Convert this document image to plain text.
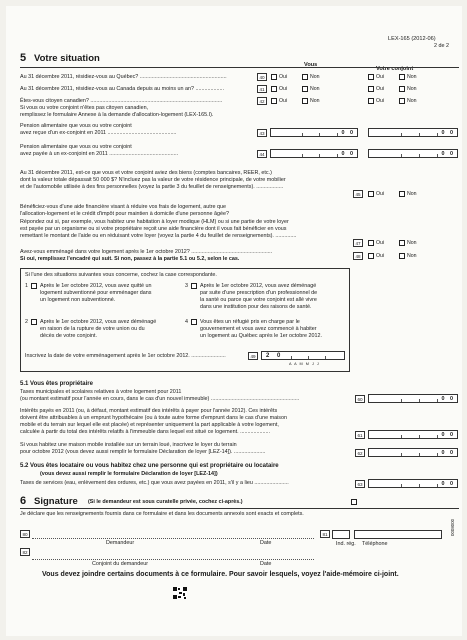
LEX-165 (2012-06)
2 de 2
5 Votre situation
Vous
Votre conjoint
Au 31 décembre 2011, résidiez-vous au Québec? ..........................................................	40	Oui	Non	Oui	Non
Au 31 décembre 2011, résidiez-vous au Canada depuis au moins un an? ...................	41	Oui	Non	Oui	Non
Êtes-vous citoyen canadien? ........................................................................................	42	Oui	Non	Oui	Non
Si vous ou votre conjoint n'êtes pas citoyen canadien,
remplissez le formulaire Annexe à la demande d'allocation-logement (LEX-165.I).
Pension alimentaire que vous ou votre conjoint
avez reçue d'un ex-conjoint en 2011 ..............................................	43	0 0	0 0
Pension alimentaire que vous ou votre conjoint
avez payée à un ex-conjoint en 2011 ..............................................	44	0 0	0 0
Au 31 décembre 2011, est-ce que vous et votre conjoint aviez des biens (comptes bancaires, REER, etc.)
dont la valeur totale dépassait 50 000 $? N'incluez pas la valeur de votre résidence principale, de votre mobilier
et de l'automobile utilisée à des fins personnelles (voyez la partie 3 du feuillet de renseignements). ..................
45	Oui	Non
Bénéficiez-vous d'une aide financière visant à réduire vos frais de logement, autre que
l'allocation-logement et le crédit d'impôt pour maintien à domicile d'une personne âgée?
Répondez oui si, par exemple, vous habitez une habitation à loyer modique (HLM) ou si une partie de votre loyer
est payée par un organisme ou si votre propriétaire reçoit une aide financière dont il vous fait bénéficier en vous
remettant le montant de l'aide ou en réduisant votre loyer (voyez la partie 4 du feuillet de renseignements). ..............
47	Oui	Non
Avez-vous emménagé dans votre logement après le 1er octobre 2012? ......................................................
Si oui, remplissez l'encadré qui suit. Si non, passez à la partie 5.1 ou 5.2, selon le cas.	48	Oui	Non
Si l'une des situations suivantes vous concerne, cochez la case correspondante.
1 Après le 1er octobre 2012, vous avez quitté un
logement subventionné pour emménager dans
un logement non subventionné.
3 Après le 1er octobre 2012, vous avez déménagé
par suite d'une prescription d'un professionnel de
la santé ou parce que votre conjoint est allé vivre
dans une institution pour des raisons de santé.
2 Après le 1er octobre 2012, vous avez déménagé
en raison de la rupture de votre union ou du
décès de votre conjoint.
4 Vous êtes un réfugié pris en charge par le
gouvernement et vous avez commencé à habiter
un logement au Québec après le 1er octobre 2012.
Inscrivez la date de votre emménagement après le 1er octobre 2012. .......................	49	2 0
A A M M J J
5.1 Vous êtes propriétaire
Taxes municipales et scolaires relatives à votre logement pour 2011
(ou montant estimatif pour l'année en cours, dans le cas d'un nouvel immeuble) ...........................................................	60	0 0
Intérêts payés en 2011 (ou, à défaut, montant estimatif des intérêts à payer pour l'année 2012). Ces intérêts
doivent être attribuables à un emprunt hypothécaire (ou à toute autre forme d'emprunt dans le cas d'une maison
mobile et du terrain sur lequel elle est placée) et représenter uniquement la part applicable à votre logement,
calculée à partir du total des intérêts relatifs à l'immeuble dans lequel est situé ce logement. ....................
61	0 0
Si vous habitez une maison mobile installée sur un terrain loué, inscrivez le loyer du terrain
pour octobre 2012 (vous devez aussi remplir le formulaire Déclaration de loyer [LEZ-14]). .....................	62	0 0
5.2 Vous êtes locataire ou vous habitez chez une personne qui est propriétaire ou locataire
(vous devez aussi remplir le formulaire Déclaration de loyer [LEZ-14])
Taxes de services (eau, enlèvement des ordures, etc.) que vous avez payées en 2011, s'il y a lieu .......................	63	0 0
6 Signature (Si le demandeur est sous curatelle privée, cochez ci-après.)
Je déclare que les renseignements fournis dans ce formulaire et dans les documents annexés sont exacts et complets.
80
Demandeur	Date
81
Ind. rég. Téléphone
82
Conjoint du demandeur	Date
Vous devez joindre certains documents à ce formulaire. Pour savoir lesquels, voyez l'aide-mémoire ci-joint.
0008000
